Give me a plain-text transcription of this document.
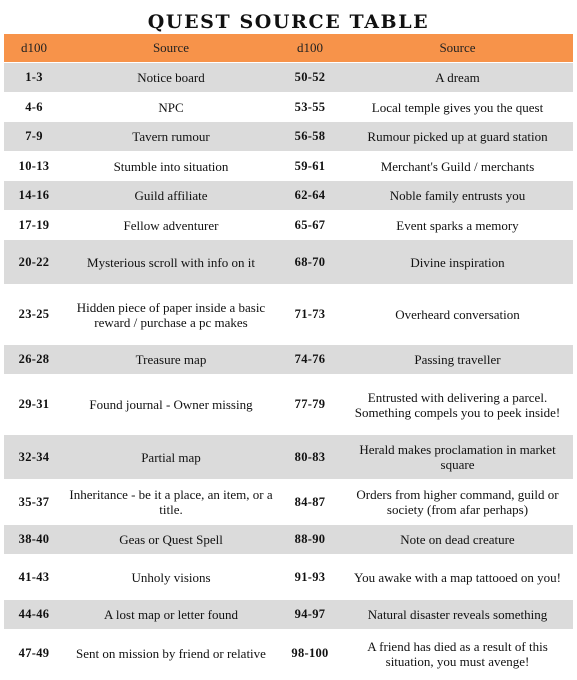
QUEST SOURCE TABLE
d100	Source	d100	Source
1-3	Notice board	50-52	A dream
4-6	NPC	53-55	Local temple gives you the quest
7-9	Tavern rumour	56-58	Rumour picked up at guard station
10-13	Stumble into situation	59-61	Merchant's Guild / merchants
14-16	Guild affiliate	62-64	Noble family entrusts you
17-19	Fellow adventurer	65-67	Event sparks a memory
20-22	Mysterious scroll with info on it	68-70	Divine inspiration
23-25	Hidden piece of paper inside a basic reward / purchase a pc makes	71-73	Overheard conversation
26-28	Treasure map	74-76	Passing traveller
29-31	Found journal - Owner missing	77-79	Entrusted with delivering a parcel. Something compels you to peek inside!
32-34	Partial map	80-83	Herald makes proclamation in market square
35-37	Inheritance - be it a place, an item, or a title.	84-87	Orders from higher command, guild or society (from afar perhaps)
38-40	Geas or Quest Spell	88-90	Note on dead creature
41-43	Unholy visions	91-93	You awake with a map tattooed on you!
44-46	A lost map or letter found	94-97	Natural disaster reveals something
47-49	Sent on mission by friend or relative	98-100	A friend has died as a result of this situation, you must avenge!
